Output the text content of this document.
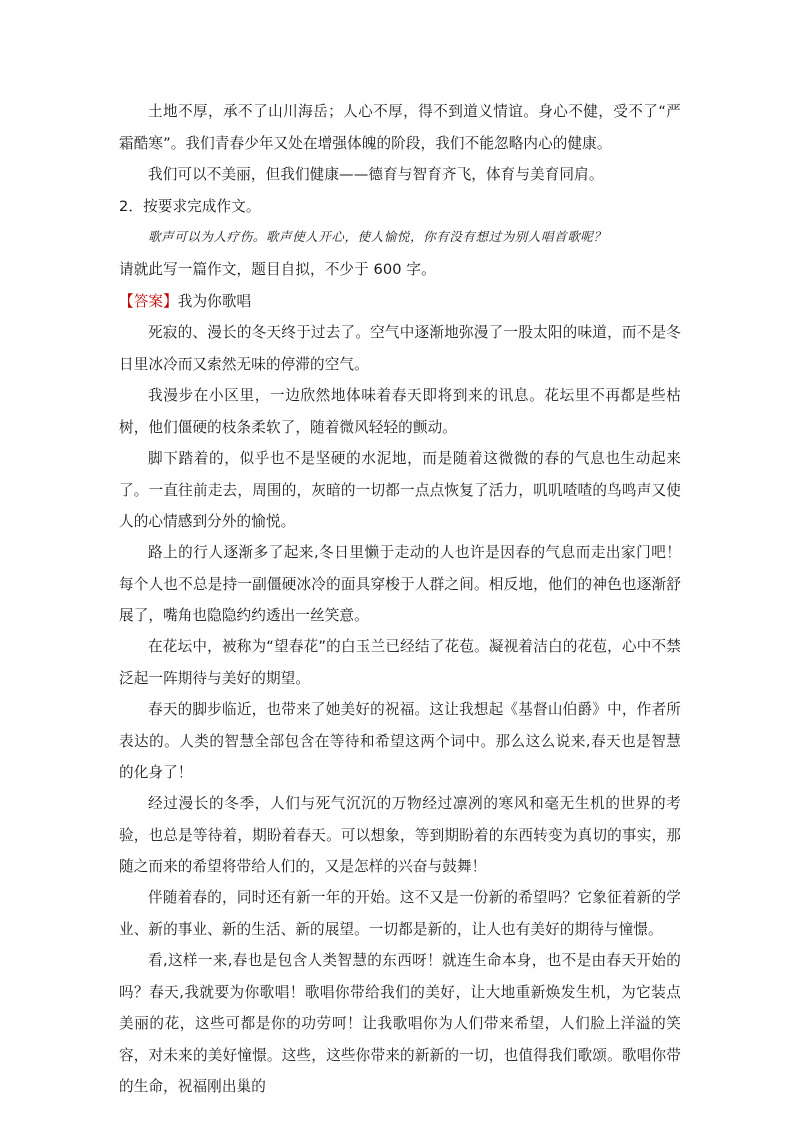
土地不厚，承不了山川海岳；人心不厚，得不到道义情谊。身心不健，受不了“严霜酷寒”。我们青春少年又处在增强体魄的阶段，我们不能忽略内心的健康。

我们可以不美丽，但我们健康——德育与智育齐飞，体育与美育同肩。

2．按要求完成作文。

歌声可以为人疗伤。歌声使人开心，使人愉悦，你有没有想过为别人唱首歌呢？

请就此写一篇作文，题目自拟，不少于 600 字。

【答案】我为你歌唱

死寂的、漫长的冬天终于过去了。空气中逐渐地弥漫了一股太阳的味道，而不是冬日里冰冷而又索然无味的停滞的空气。

我漫步在小区里，一边欣然地体味着春天即将到来的讯息。花坛里不再都是些枯树，他们僵硬的枝条柔软了，随着微风轻轻的颤动。

脚下踏着的，似乎也不是坚硬的水泥地，而是随着这微微的春的气息也生动起来了。一直往前走去，周围的，灰暗的一切都一点点恢复了活力，叽叽喳喳的鸟鸣声又使人的心情感到分外的愉悦。

路上的行人逐渐多了起来,冬日里懒于走动的人也许是因春的气息而走出家门吧！每个人也不总是持一副僵硬冰冷的面具穿梭于人群之间。相反地，他们的神色也逐渐舒展了，嘴角也隐隐约约透出一丝笑意。

在花坛中，被称为“望春花”的白玉兰已经结了花苞。凝视着洁白的花苞，心中不禁泛起一阵期待与美好的期望。

春天的脚步临近，也带来了她美好的祝福。这让我想起《基督山伯爵》中，作者所表达的。人类的智慧全部包含在等待和希望这两个词中。那么这么说来,春天也是智慧的化身了！

经过漫长的冬季，人们与死气沉沉的万物经过凛冽的寒风和毫无生机的世界的考验，也总是等待着，期盼着春天。可以想象，等到期盼着的东西转变为真切的事实，那随之而来的希望将带给人们的，又是怎样的兴奋与鼓舞！

伴随着春的，同时还有新一年的开始。这不又是一份新的希望吗？它象征着新的学业、新的事业、新的生活、新的展望。一切都是新的，让人也有美好的期待与憧憬。

看,这样一来,春也是包含人类智慧的东西呀！就连生命本身，也不是由春天开始的吗？春天,我就要为你歌唱！歌唱你带给我们的美好，让大地重新焕发生机，为它装点美丽的花，这些可都是你的功劳呵！让我歌唱你为人们带来希望，人们脸上洋溢的笑容，对未来的美好憧憬。这些，这些你带来的新新的一切，也值得我们歌颂。歌唱你带的生命，祝福刚出巢的
